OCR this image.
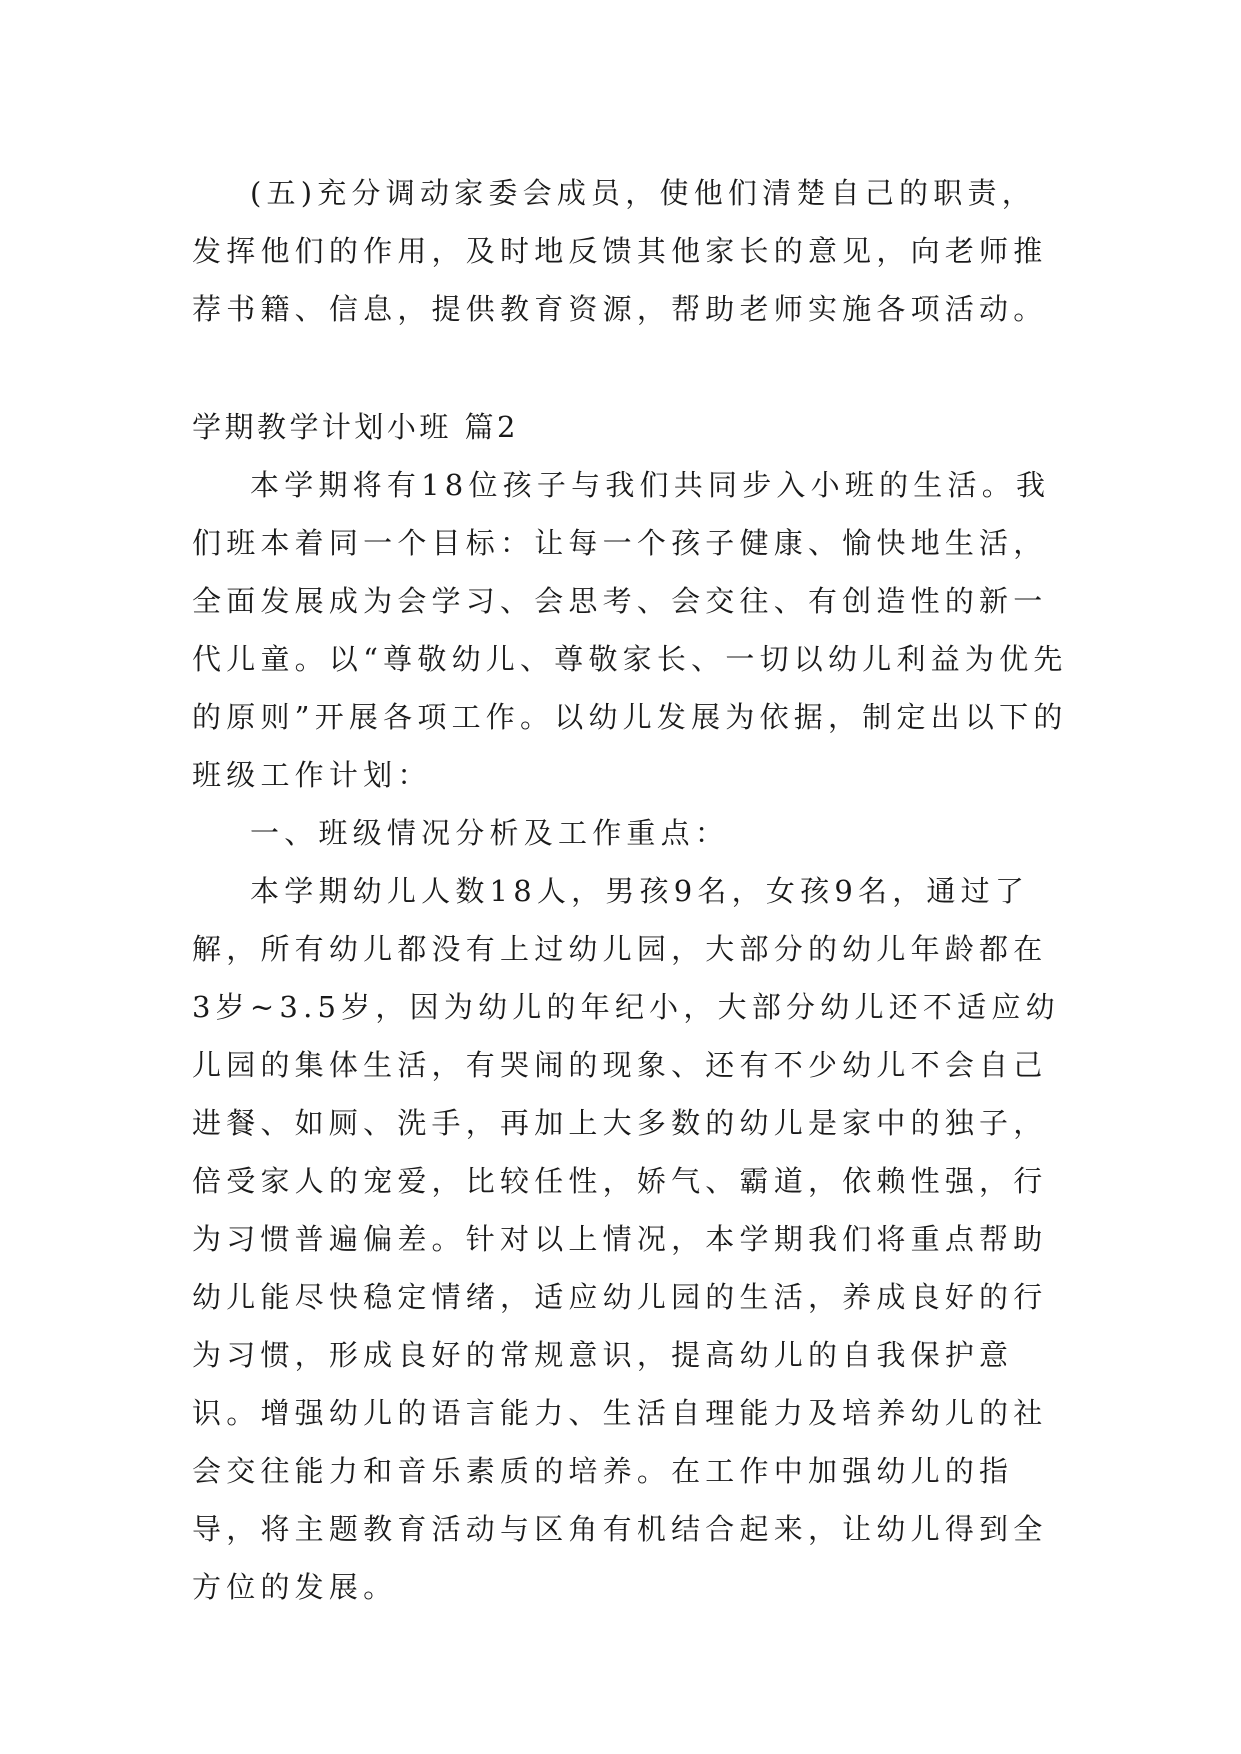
(五)充分调动家委会成员，使他们清楚自己的职责，发挥他们的作用，及时地反馈其他家长的意见，向老师推荐书籍、信息，提供教育资源，帮助老师实施各项活动。

学期教学计划小班 篇2

本学期将有18位孩子与我们共同步入小班的生活。我们班本着同一个目标：让每一个孩子健康、愉快地生活，全面发展成为会学习、会思考、会交往、有创造性的新一代儿童。以“尊敬幼儿、尊敬家长、一切以幼儿利益为优先的原则”开展各项工作。以幼儿发展为依据，制定出以下的班级工作计划：

一、班级情况分析及工作重点：

本学期幼儿人数18人，男孩9名，女孩9名，通过了解，所有幼儿都没有上过幼儿园，大部分的幼儿年龄都在3岁~3.5岁，因为幼儿的年纪小，大部分幼儿还不适应幼儿园的集体生活，有哭闹的现象、还有不少幼儿不会自己进餐、如厕、洗手，再加上大多数的幼儿是家中的独子，倍受家人的宠爱，比较任性，娇气、霸道，依赖性强，行为习惯普遍偏差。针对以上情况，本学期我们将重点帮助幼儿能尽快稳定情绪，适应幼儿园的生活，养成良好的行为习惯，形成良好的常规意识，提高幼儿的自我保护意识。增强幼儿的语言能力、生活自理能力及培养幼儿的社会交往能力和音乐素质的培养。在工作中加强幼儿的指导，将主题教育活动与区角有机结合起来，让幼儿得到全方位的发展。
